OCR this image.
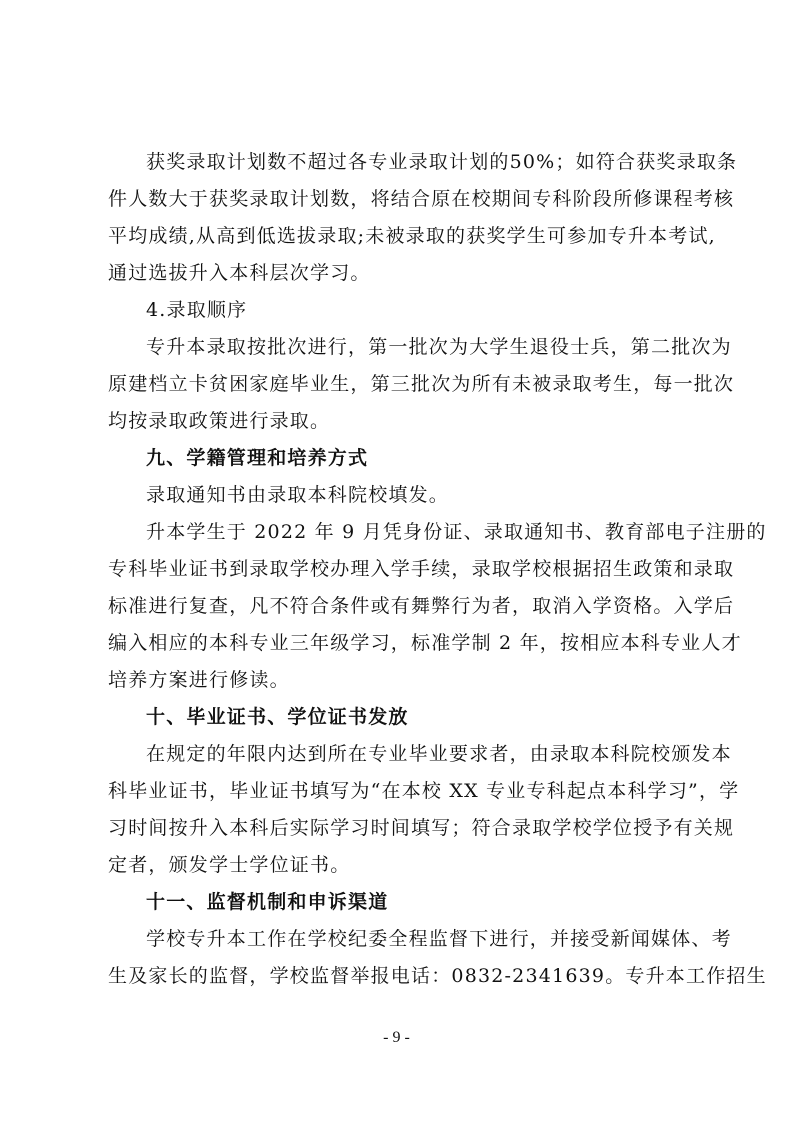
获奖录取计划数不超过各专业录取计划的50%；如符合获奖录取条
件人数大于获奖录取计划数，将结合原在校期间专科阶段所修课程考核
平均成绩,从高到低选拔录取;未被录取的获奖学生可参加专升本考试,
通过选拔升入本科层次学习。
4.录取顺序
专升本录取按批次进行，第一批次为大学生退役士兵，第二批次为
原建档立卡贫困家庭毕业生，第三批次为所有未被录取考生，每一批次
均按录取政策进行录取。
九、学籍管理和培养方式
录取通知书由录取本科院校填发。
升本学生于 2022 年 9 月凭身份证、录取通知书、教育部电子注册的
专科毕业证书到录取学校办理入学手续，录取学校根据招生政策和录取
标准进行复查，凡不符合条件或有舞弊行为者，取消入学资格。入学后
编入相应的本科专业三年级学习，标准学制 2 年，按相应本科专业人才
培养方案进行修读。
十、毕业证书、学位证书发放
在规定的年限内达到所在专业毕业要求者，由录取本科院校颁发本
科毕业证书，毕业证书填写为“在本校 XX 专业专科起点本科学习”，学
习时间按升入本科后实际学习时间填写；符合录取学校学位授予有关规
定者，颁发学士学位证书。
十一、监督机制和申诉渠道
学校专升本工作在学校纪委全程监督下进行，并接受新闻媒体、考
生及家长的监督，学校监督举报电话：0832-2341639。专升本工作招生
- 9 -
